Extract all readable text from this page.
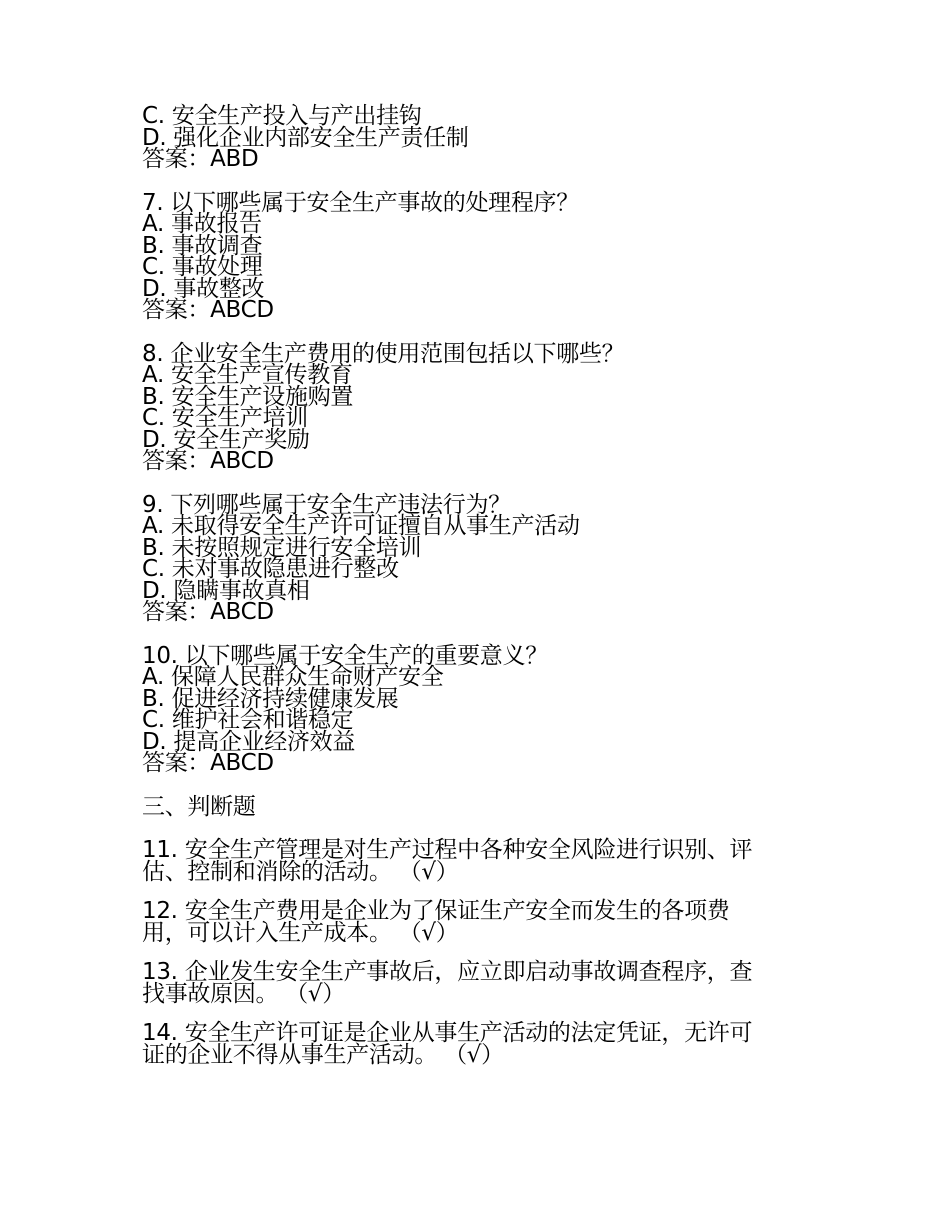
C. 安全生产投入与产出挂钩
D. 强化企业内部安全生产责任制
答案：ABD
7. 以下哪些属于安全生产事故的处理程序？
A. 事故报告
B. 事故调查
C. 事故处理
D. 事故整改
答案：ABCD
8. 企业安全生产费用的使用范围包括以下哪些？
A. 安全生产宣传教育
B. 安全生产设施购置
C. 安全生产培训
D. 安全生产奖励
答案：ABCD
9. 下列哪些属于安全生产违法行为？
A. 未取得安全生产许可证擅自从事生产活动
B. 未按照规定进行安全培训
C. 未对事故隐患进行整改
D. 隐瞒事故真相
答案：ABCD
10. 以下哪些属于安全生产的重要意义？
A. 保障人民群众生命财产安全
B. 促进经济持续健康发展
C. 维护社会和谐稳定
D. 提高企业经济效益
答案：ABCD
三、判断题
11. 安全生产管理是对生产过程中各种安全风险进行识别、评
估、控制和消除的活动。 （√）
12. 安全生产费用是企业为了保证生产安全而发生的各项费
用，可以计入生产成本。 （√）
13. 企业发生安全生产事故后，应立即启动事故调查程序，查
找事故原因。 （√）
14. 安全生产许可证是企业从事生产活动的法定凭证，无许可
证的企业不得从事生产活动。 （√）
